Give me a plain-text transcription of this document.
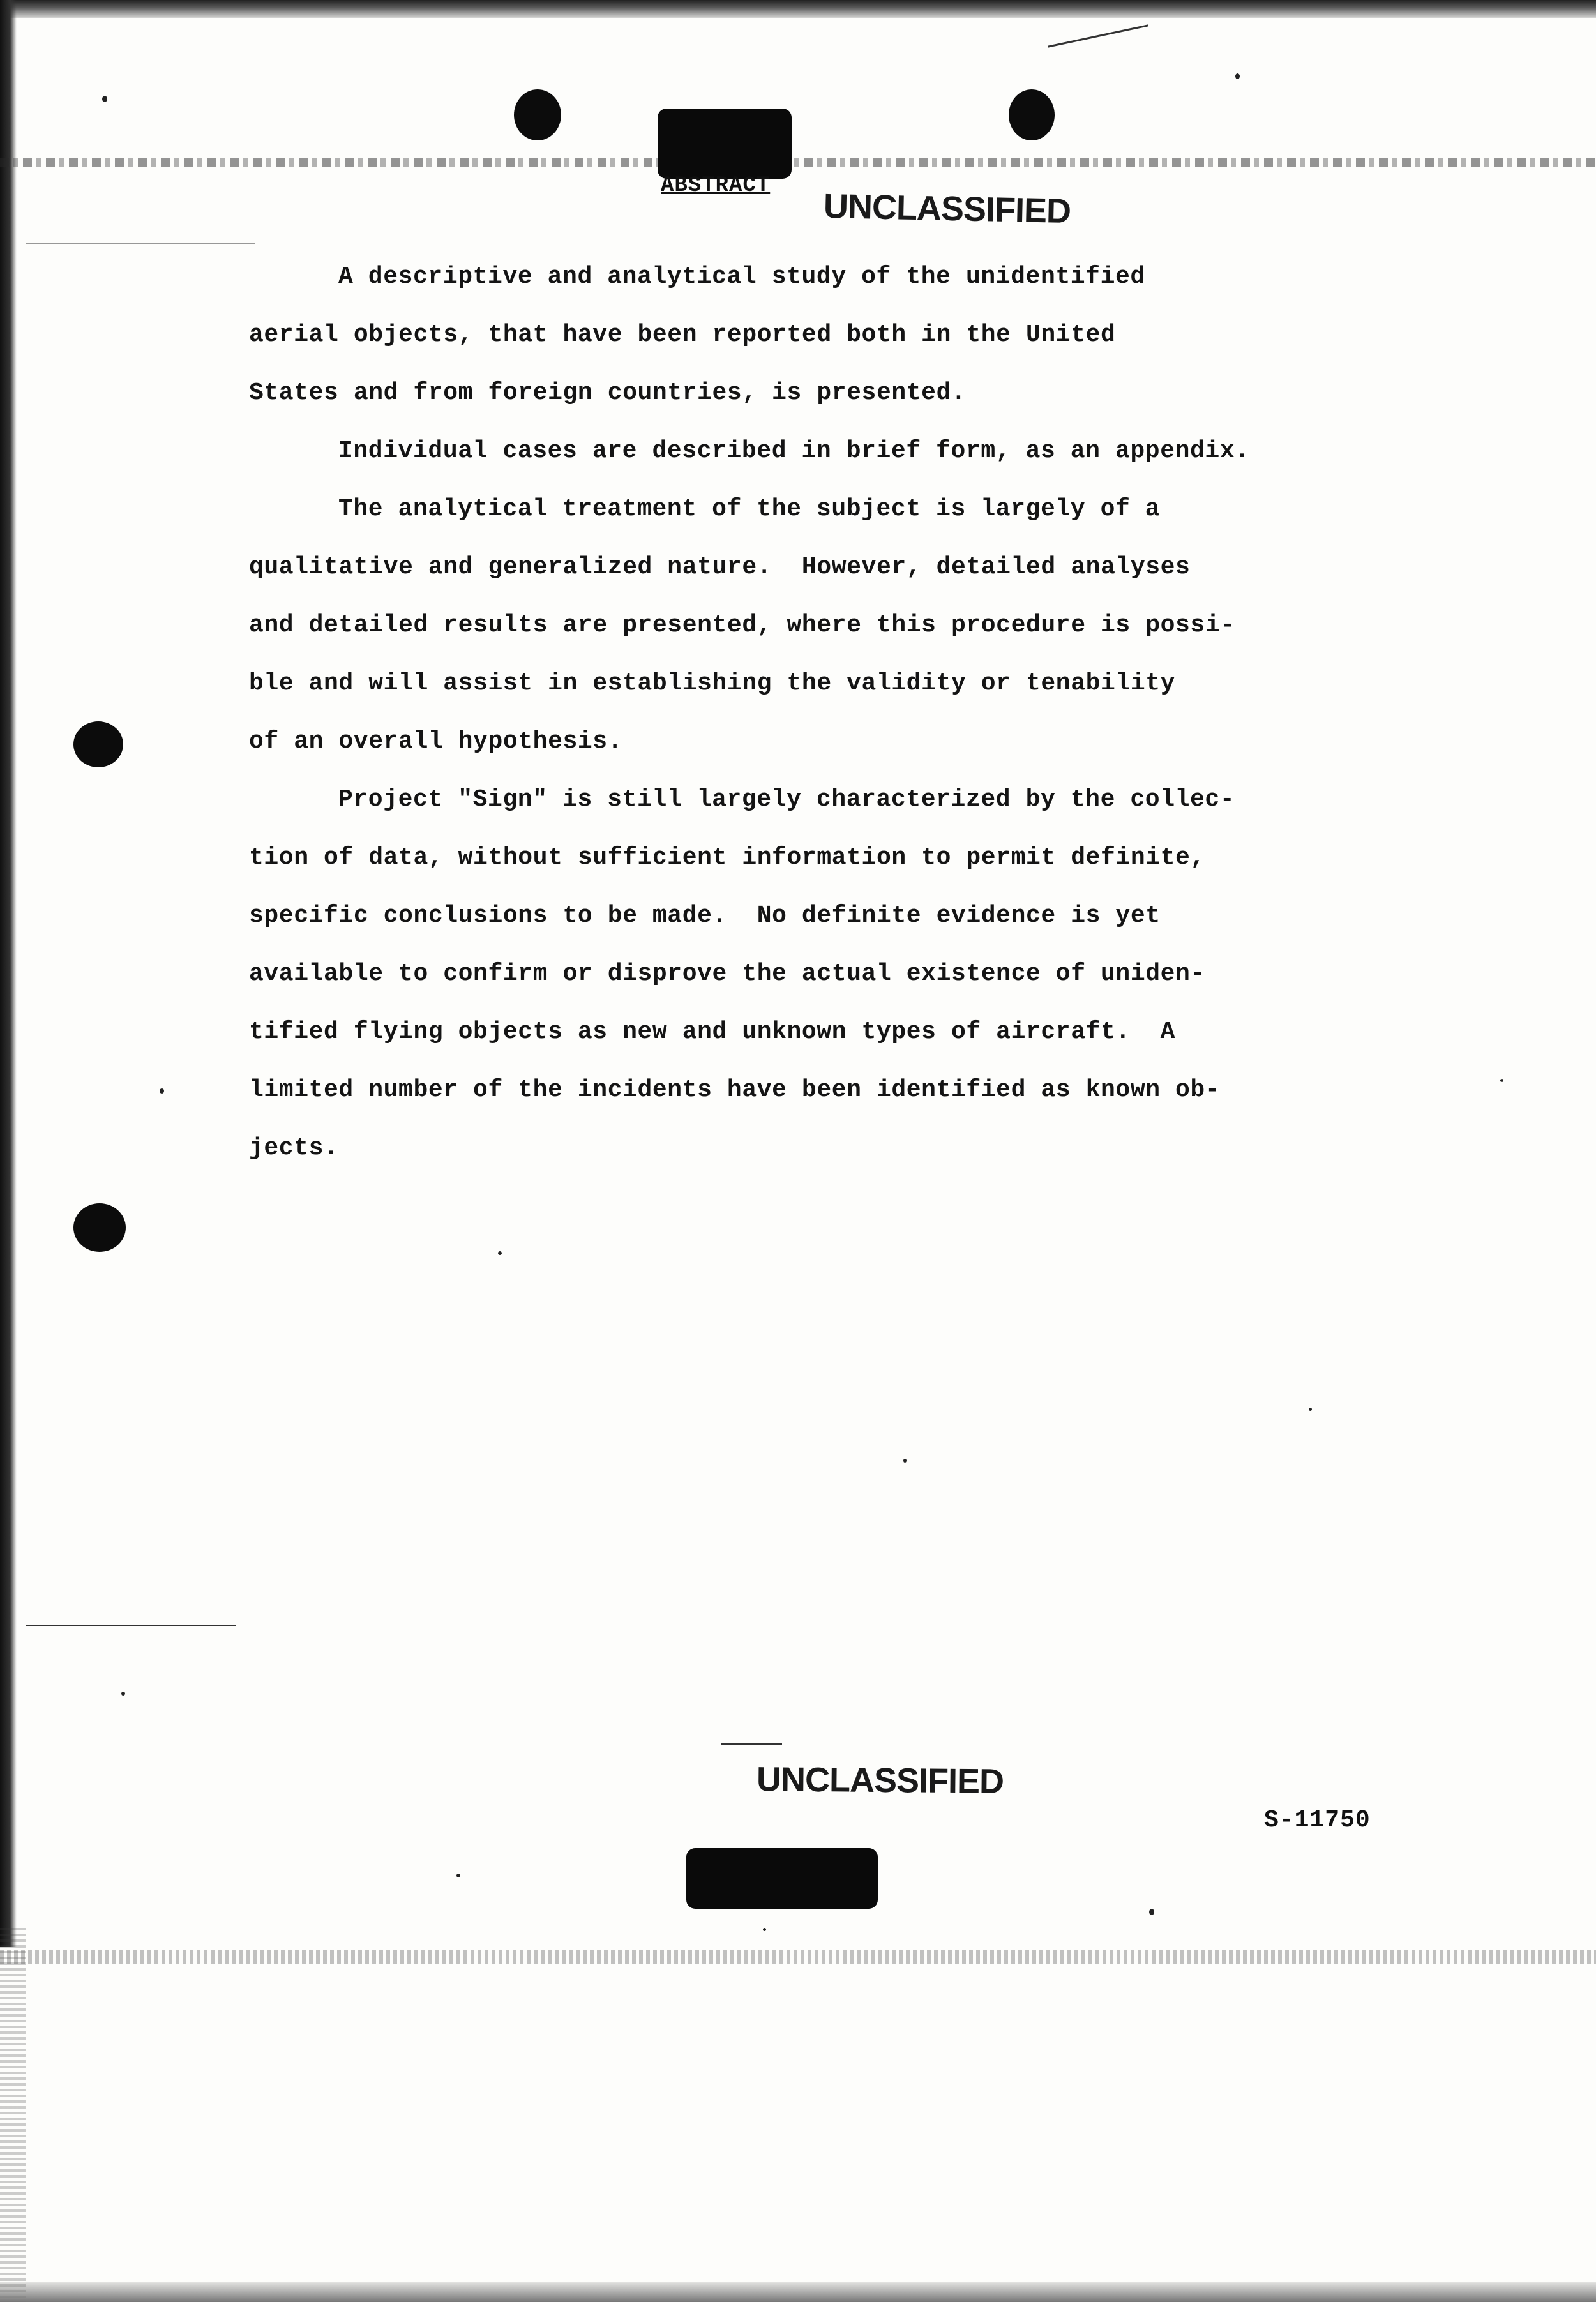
ABSTRACT
UNCLASSIFIED

A descriptive and analytical study of the unidentified
aerial objects, that have been reported both in the United
States and from foreign countries, is presented.

Individual cases are described in brief form, as an appendix.

The analytical treatment of the subject is largely of a
qualitative and generalized nature.  However, detailed analyses
and detailed results are presented, where this procedure is possi-
ble and will assist in establishing the validity or tenability
of an overall hypothesis.

Project "Sign" is still largely characterized by the collec-
tion of data, without sufficient information to permit definite,
specific conclusions to be made.  No definite evidence is yet
available to confirm or disprove the actual existence of uniden-
tified flying objects as new and unknown types of aircraft.  A
limited number of the incidents have been identified as known ob-
jects.

UNCLASSIFIED
S-11750
